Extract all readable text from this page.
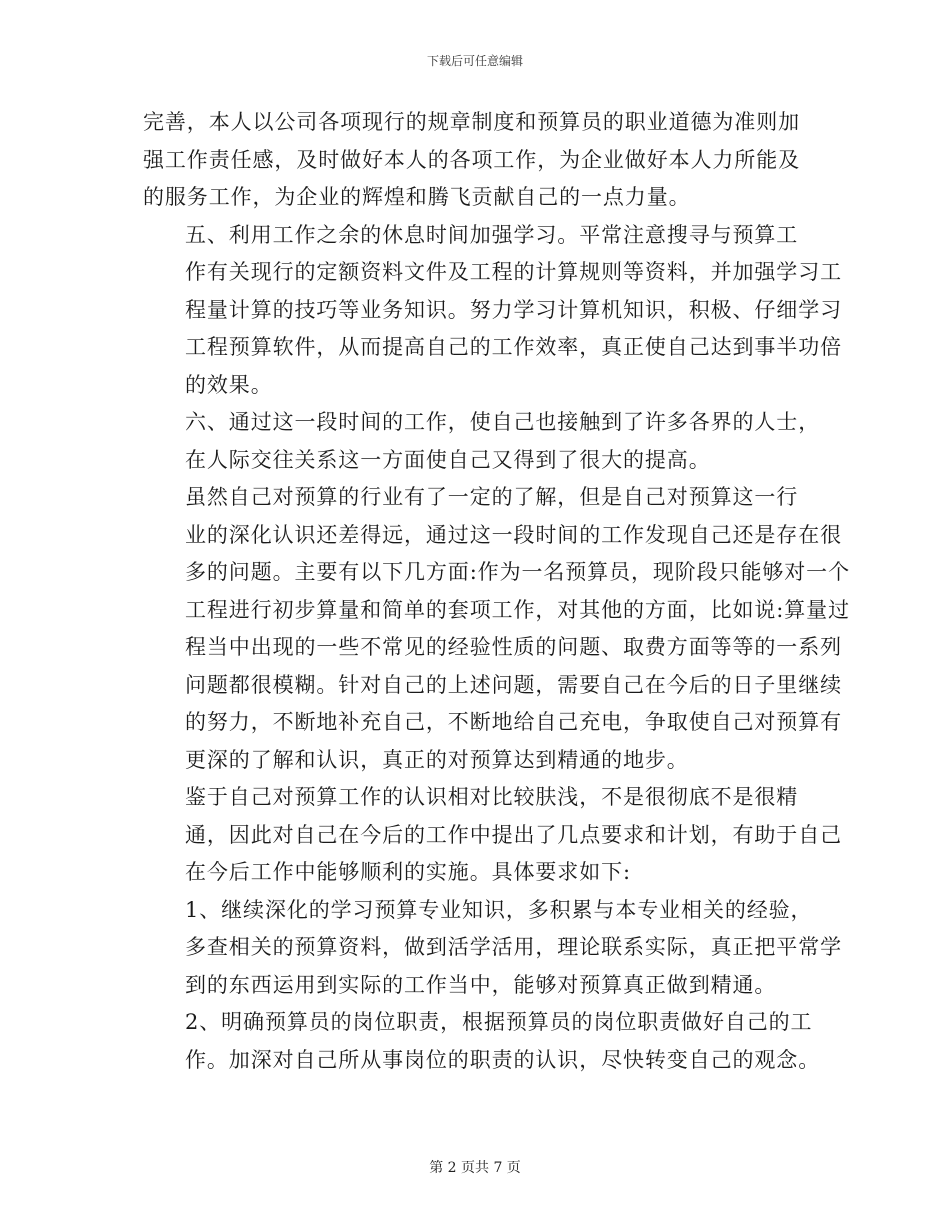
下载后可任意编辑

完善，本人以公司各项现行的规章制度和预算员的职业道德为准则加
强工作责任感，及时做好本人的各项工作，为企业做好本人力所能及
的服务工作，为企业的辉煌和腾飞贡献自己的一点力量。

五、利用工作之余的休息时间加强学习。平常注意搜寻与预算工
作有关现行的定额资料文件及工程的计算规则等资料，并加强学习工
程量计算的技巧等业务知识。努力学习计算机知识，积极、仔细学习
工程预算软件，从而提高自己的工作效率，真正使自己达到事半功倍
的效果。

六、通过这一段时间的工作，使自己也接触到了许多各界的人士，
在人际交往关系这一方面使自己又得到了很大的提高。

虽然自己对预算的行业有了一定的了解，但是自己对预算这一行
业的深化认识还差得远，通过这一段时间的工作发现自己还是存在很
多的问题。主要有以下几方面:作为一名预算员，现阶段只能够对一个
工程进行初步算量和简单的套项工作，对其他的方面，比如说:算量过
程当中出现的一些不常见的经验性质的问题、取费方面等等的一系列
问题都很模糊。针对自己的上述问题，需要自己在今后的日子里继续
的努力，不断地补充自己，不断地给自己充电，争取使自己对预算有
更深的了解和认识，真正的对预算达到精通的地步。

鉴于自己对预算工作的认识相对比较肤浅，不是很彻底不是很精
通，因此对自己在今后的工作中提出了几点要求和计划，有助于自己
在今后工作中能够顺利的实施。具体要求如下:

1、继续深化的学习预算专业知识，多积累与本专业相关的经验，
多查相关的预算资料，做到活学活用，理论联系实际，真正把平常学
到的东西运用到实际的工作当中，能够对预算真正做到精通。

2、明确预算员的岗位职责，根据预算员的岗位职责做好自己的工
作。加深对自己所从事岗位的职责的认识，尽快转变自己的观念。

第 2 页共 7 页
